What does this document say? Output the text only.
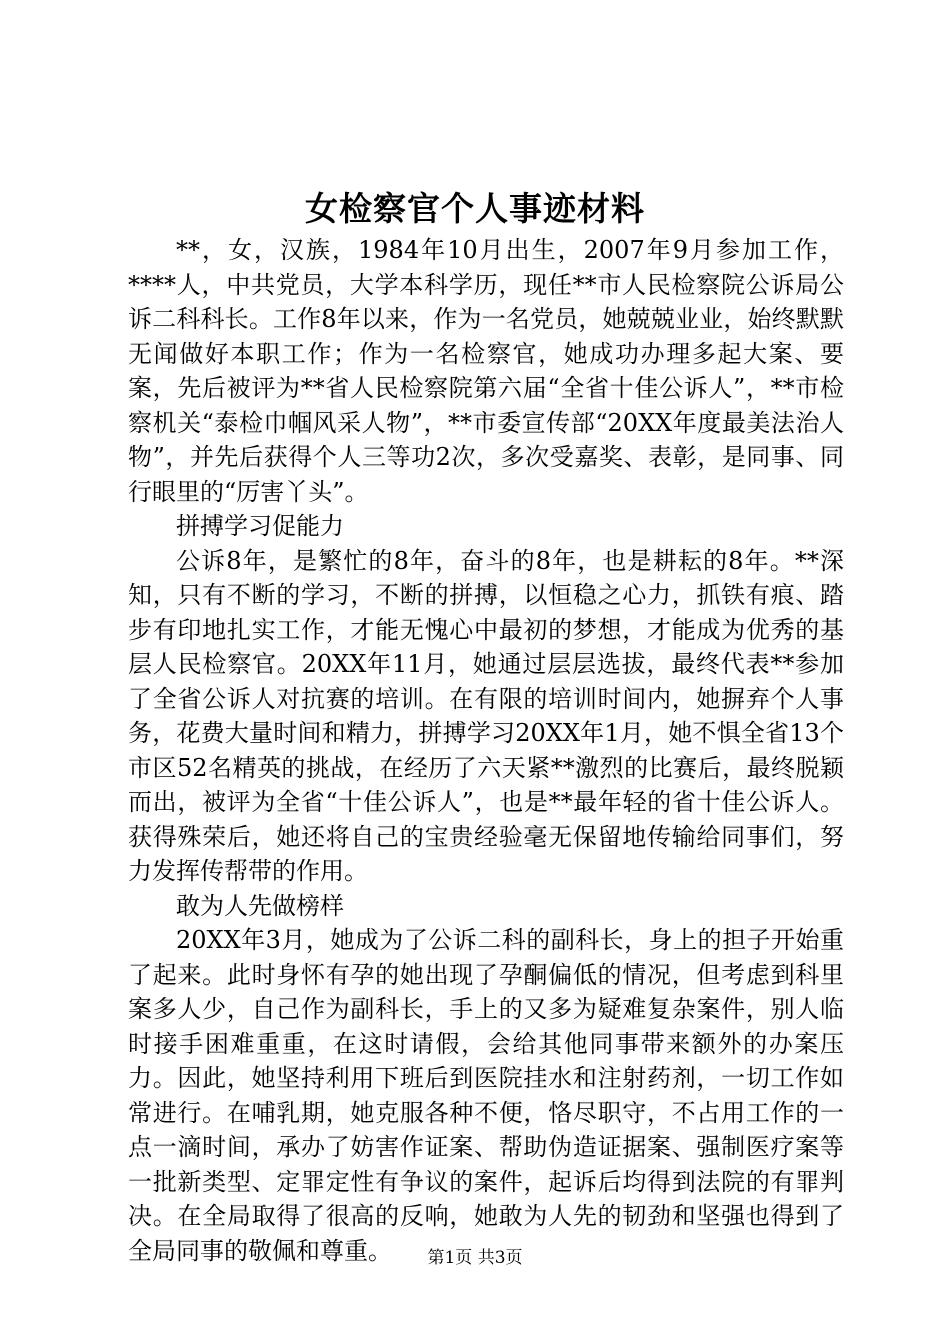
女检察官个人事迹材料

**，女，汉族，1984年10月出生，2007年9月参加工作，****人，中共党员，大学本科学历，现任**市人民检察院公诉局公诉二科科长。工作8年以来，作为一名党员，她兢兢业业，始终默默无闻做好本职工作；作为一名检察官，她成功办理多起大案、要案，先后被评为**省人民检察院第六届“全省十佳公诉人”，**市检察机关“泰检巾帼风采人物”，**市委宣传部“20XX年度最美法治人物”，并先后获得个人三等功2次，多次受嘉奖、表彰，是同事、同行眼里的“厉害丫头”。

拼搏学习促能力

公诉8年，是繁忙的8年，奋斗的8年，也是耕耘的8年。**深知，只有不断的学习，不断的拼搏，以恒稳之心力，抓铁有痕、踏步有印地扎实工作，才能无愧心中最初的梦想，才能成为优秀的基层人民检察官。20XX年11月，她通过层层选拔，最终代表**参加了全省公诉人对抗赛的培训。在有限的培训时间内，她摒弃个人事务，花费大量时间和精力，拼搏学习20XX年1月，她不惧全省13个市区52名精英的挑战，在经历了六天紧**激烈的比赛后，最终脱颖而出，被评为全省“十佳公诉人”，也是**最年轻的省十佳公诉人。获得殊荣后，她还将自己的宝贵经验毫无保留地传输给同事们，努力发挥传帮带的作用。

敢为人先做榜样

20XX年3月，她成为了公诉二科的副科长，身上的担子开始重了起来。此时身怀有孕的她出现了孕酮偏低的情况，但考虑到科里案多人少，自己作为副科长，手上的又多为疑难复杂案件，别人临时接手困难重重，在这时请假，会给其他同事带来额外的办案压力。因此，她坚持利用下班后到医院挂水和注射药剂，一切工作如常进行。在哺乳期，她克服各种不便，恪尽职守，不占用工作的一点一滴时间，承办了妨害作证案、帮助伪造证据案、强制医疗案等一批新类型、定罪定性有争议的案件，起诉后均得到法院的有罪判决。在全局取得了很高的反响，她敢为人先的韧劲和坚强也得到了全局同事的敬佩和尊重。	第1页 共3页
